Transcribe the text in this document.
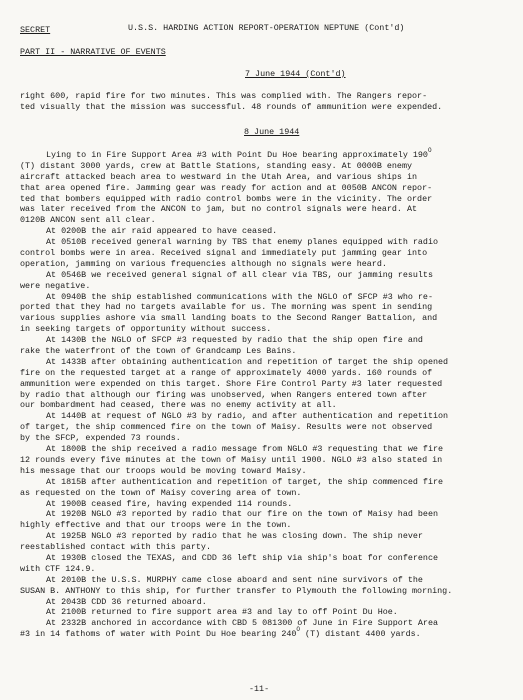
SECRET	U.S.S. HARDING ACTION REPORT-OPERATION NEPTUNE (Cont'd)
PART II - NARRATIVE OF EVENTS
7 June 1944 (Cont'd)
right 600, rapid fire for two minutes. This was complied with. The Rangers repor-
ted visually that the mission was successful. 48 rounds of ammunition were expended.
8 June 1944
Lying to in Fire Support Area #3 with Point Du Hoe bearing approximately $190^O$
(T) distant 3000 yards, crew at Battle Stations, standing easy. At 0000B enemy
aircraft attacked beach area to westward in the Utah Area, and various ships in
that area opened fire. Jamming gear was ready for action and at 0050B ANCON repor-
ted that bombers equipped with radio control bombs were in the vicinity. The order
was later received from the ANCON to jam, but no control signals were heard. At
0120B ANCON sent all clear.
At 0200B the air raid appeared to have ceased.
At 0510B received general warning by TBS that enemy planes equipped with radio
control bombs were in area. Received signal and immediately put jamming gear into
operation, jamming on various frequencies although no signals were heard.
At 0546B we received general signal of all clear via TBS, our jamming results
were negative.
At 0940B the ship established communications with the NGLO of SFCP #3 who re-
ported that they had no targets available for us. The morning was spent in sending
various supplies ashore via small landing boats to the Second Ranger Battalion, and
in seeking targets of opportunity without success.
At 1430B the NGLO of SFCP #3 requested by radio that the ship open fire and
rake the waterfront of the town of Grandcamp Les Bains.
At 1433B after obtaining authentication and repetition of target the ship opened
fire on the requested target at a range of approximately 4000 yards. 160 rounds of
ammunition were expended on this target. Shore Fire Control Party #3 later requested
by radio that although our firing was unobserved, when Rangers entered town after
our bombardment had ceased, there was no enemy activity at all.
At 1440B at request of NGLO #3 by radio, and after authentication and repetition
of target, the ship commenced fire on the town of Maisy. Results were not observed
by the SFCP, expended 73 rounds.
At 1800B the ship received a radio message from NGLO #3 requesting that we fire
12 rounds every five minutes at the town of Maisy until 1900. NGLO #3 also stated in
his message that our troops would be moving toward Maisy.
At 1815B after authentication and repetition of target, the ship commenced fire
as requested on the town of Maisy covering area of town.
At 1900B ceased fire, having expended 114 rounds.
At 1920B NGLO #3 reported by radio that our fire on the town of Maisy had been
highly effective and that our troops were in the town.
At 1925B NGLO #3 reported by radio that he was closing down. The ship never
reestablished contact with this party.
At 1930B closed the TEXAS, and CDD 36 left ship via ship's boat for conference
with CTF 124.9.
At 2010B the U.S.S. MURPHY came close aboard and sent nine survivors of the
SUSAN B. ANTHONY to this ship, for further transfer to Plymouth the following morning.
At 2043B CDD 36 returned aboard.
At 2100B returned to fire support area #3 and lay to off Point Du Hoe.
At 2332B anchored in accordance with CBD 5 081300 of June in Fire Support Area
#3 in 14 fathoms of water with Point Du Hoe bearing $240^O$ (T) distant 4400 yards.
-11-
